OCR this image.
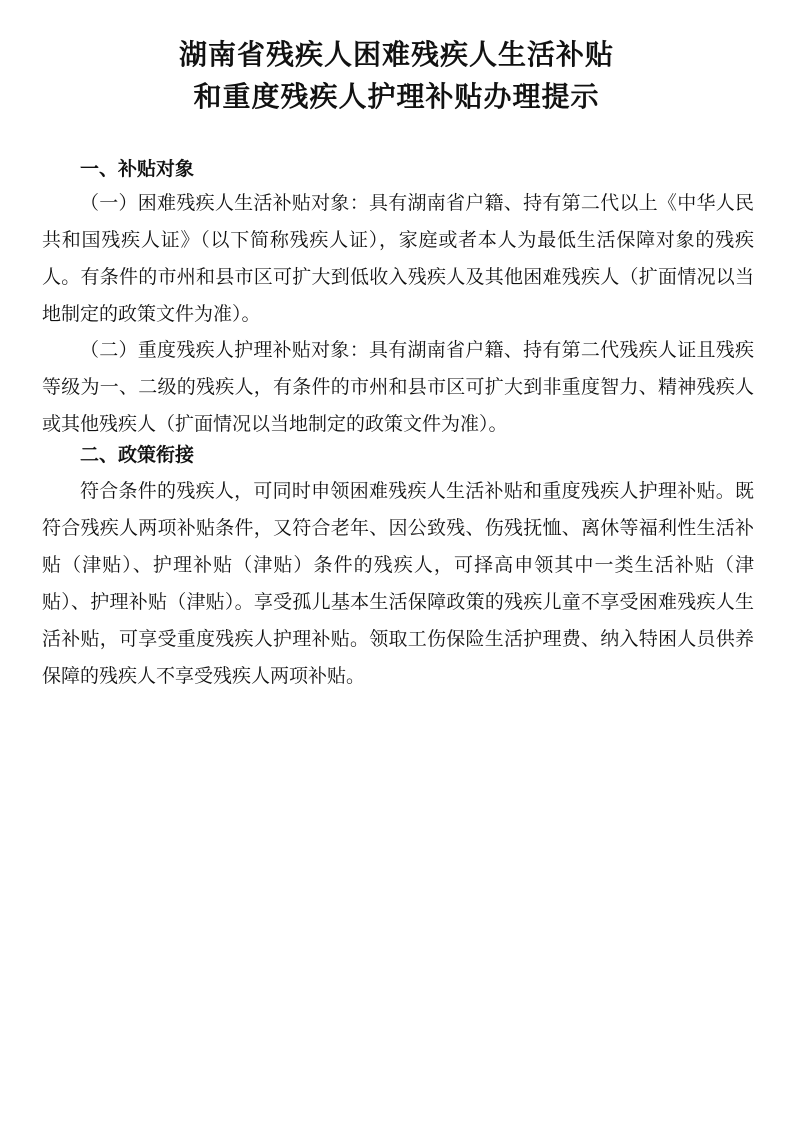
湖南省残疾人困难残疾人生活补贴
和重度残疾人护理补贴办理提示
一、补贴对象

（一）困难残疾人生活补贴对象：具有湖南省户籍、持有第二代以上《中华人民共和国残疾人证》（以下简称残疾人证），家庭或者本人为最低生活保障对象的残疾人。有条件的市州和县市区可扩大到低收入残疾人及其他困难残疾人（扩面情况以当地制定的政策文件为准）。

（二）重度残疾人护理补贴对象：具有湖南省户籍、持有第二代残疾人证且残疾等级为一、二级的残疾人，有条件的市州和县市区可扩大到非重度智力、精神残疾人或其他残疾人（扩面情况以当地制定的政策文件为准）。

二、政策衔接

符合条件的残疾人，可同时申领困难残疾人生活补贴和重度残疾人护理补贴。既符合残疾人两项补贴条件，又符合老年、因公致残、伤残抚恤、离休等福利性生活补贴（津贴）、护理补贴（津贴）条件的残疾人，可择高申领其中一类生活补贴（津贴）、护理补贴（津贴）。享受孤儿基本生活保障政策的残疾儿童不享受困难残疾人生活补贴，可享受重度残疾人护理补贴。领取工伤保险生活护理费、纳入特困人员供养保障的残疾人不享受残疾人两项补贴。
